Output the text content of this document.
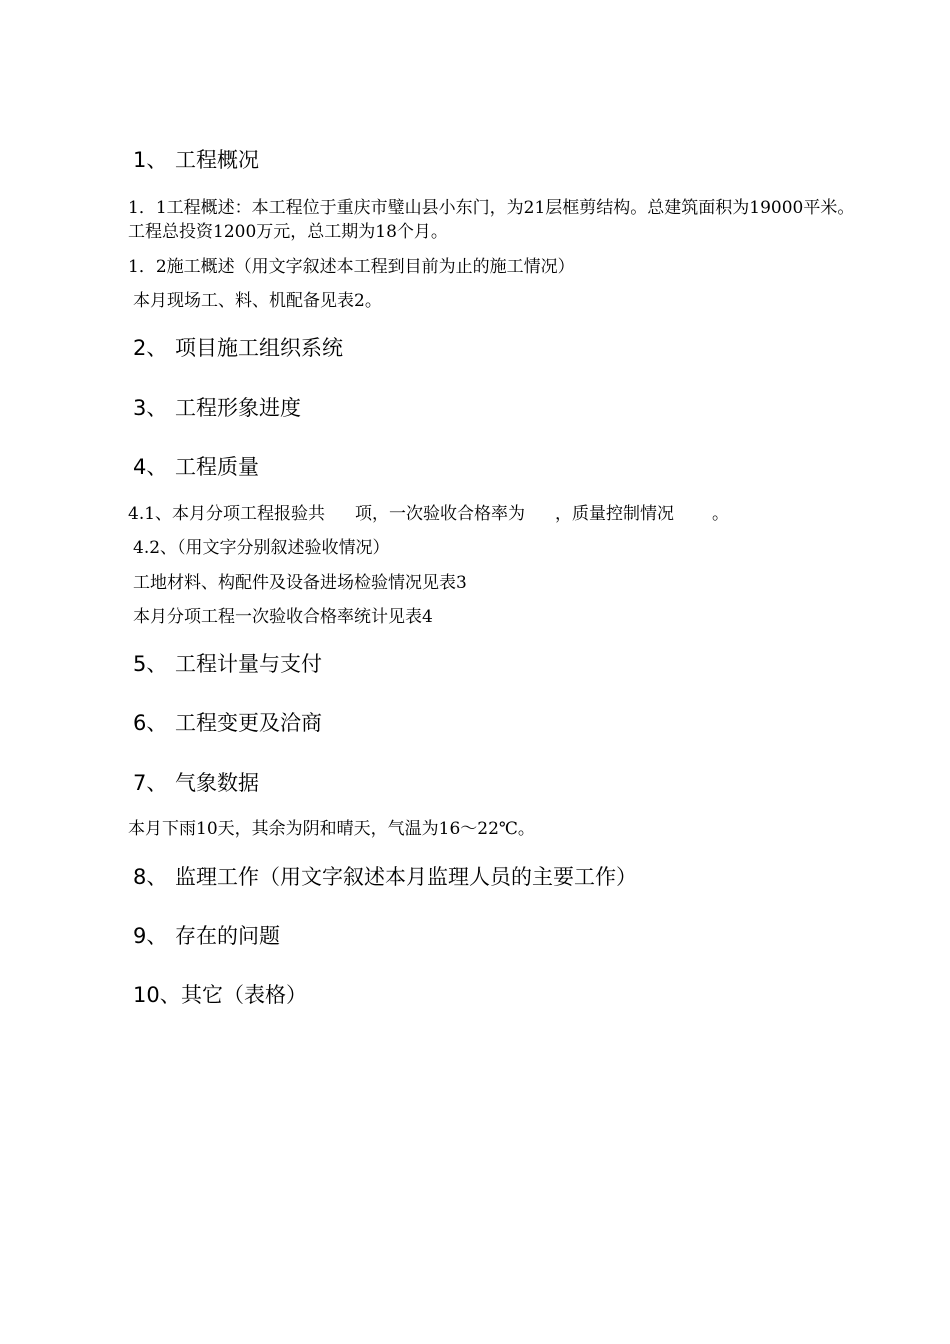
1、 工程概况
1．1工程概述：本工程位于重庆市璧山县小东门，为21层框剪结构。总建筑面积为19000平米。工程总投资1200万元，总工期为18个月。
1．2施工概述（用文字叙述本工程到目前为止的施工情况）
本月现场工、料、机配备见表2。
2、 项目施工组织系统
3、 工程形象进度
4、 工程质量
4.1、本月分项工程报验共 项，一次验收合格率为 ，质量控制情况 。
4.2、（用文字分别叙述验收情况）
工地材料、构配件及设备进场检验情况见表3
本月分项工程一次验收合格率统计见表4
5、 工程计量与支付
6、 工程变更及洽商
7、 气象数据
本月下雨10天，其余为阴和晴天，气温为16～22℃。
8、 监理工作（用文字叙述本月监理人员的主要工作）
9、 存在的问题
10、其它（表格）
